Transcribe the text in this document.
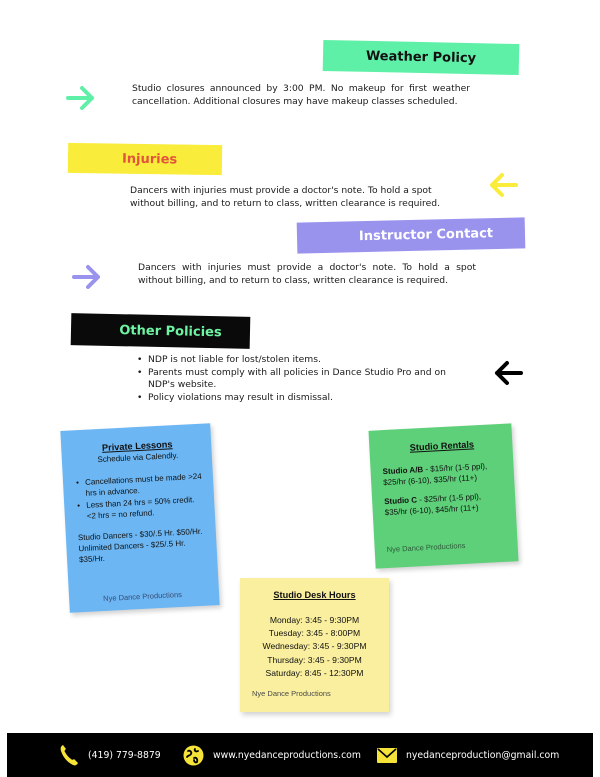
Weather Policy

Studio closures announced by 3:00 PM. No makeup for first weather cancellation. Additional closures may have makeup classes scheduled.

Injuries

Dancers with injuries must provide a doctor's note. To hold a spot without billing, and to return to class, written clearance is required.

Instructor Contact

Dancers with injuries must provide a doctor's note. To hold a spot without billing, and to return to class, written clearance is required.

Other Policies
• NDP is not liable for lost/stolen items.
• Parents must comply with all policies in Dance Studio Pro and on NDP's website.
• Policy violations may result in dismissal.
Private Lessons
Schedule via Calendly.
• Cancellations must be made >24 hrs in advance.
• Less than 24 hrs = 50% credit. <2 hrs = no refund.
Studio Dancers - $30/.5 Hr. $50/Hr.
Unlimited Dancers - $25/.5 Hr. $35/Hr.
Nye Dance Productions
Studio Rentals
Studio A/B - $15/hr (1-5 ppl), $25/hr (6-10), $35/hr (11+)
Studio C - $25/hr (1-5 ppl), $35/hr (6-10), $45/hr (11+)
Nye Dance Productions
Studio Desk Hours
Monday: 3:45 - 9:30PM
Tuesday: 3:45 - 8:00PM
Wednesday: 3:45 - 9:30PM
Thursday: 3:45 - 9:30PM
Saturday: 8:45 - 12:30PM
Nye Dance Productions
(419) 779-8879	www.nyedanceproductions.com	nyedanceproduction@gmail.com
